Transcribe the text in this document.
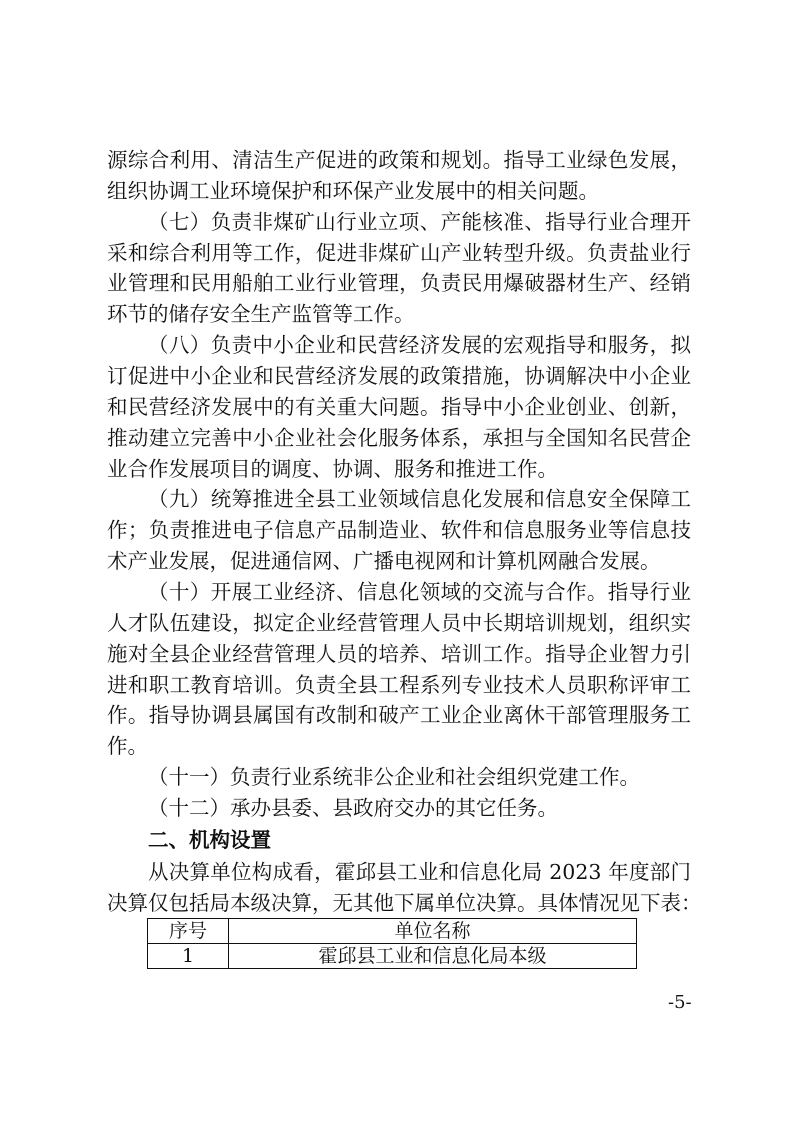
源综合利用、清洁生产促进的政策和规划。指导工业绿色发展，
组织协调工业环境保护和环保产业发展中的相关问题。
（七）负责非煤矿山行业立项、产能核准、指导行业合理开
采和综合利用等工作，促进非煤矿山产业转型升级。负责盐业行
业管理和民用船舶工业行业管理，负责民用爆破器材生产、经销
环节的储存安全生产监管等工作。
（八）负责中小企业和民营经济发展的宏观指导和服务，拟
订促进中小企业和民营经济发展的政策措施，协调解决中小企业
和民营经济发展中的有关重大问题。指导中小企业创业、创新，
推动建立完善中小企业社会化服务体系，承担与全国知名民营企
业合作发展项目的调度、协调、服务和推进工作。
（九）统筹推进全县工业领域信息化发展和信息安全保障工
作；负责推进电子信息产品制造业、软件和信息服务业等信息技
术产业发展，促进通信网、广播电视网和计算机网融合发展。
（十）开展工业经济、信息化领域的交流与合作。指导行业
人才队伍建设，拟定企业经营管理人员中长期培训规划，组织实
施对全县企业经营管理人员的培养、培训工作。指导企业智力引
进和职工教育培训。负责全县工程系列专业技术人员职称评审工
作。指导协调县属国有改制和破产工业企业离休干部管理服务工
作。
（十一）负责行业系统非公企业和社会组织党建工作。
（十二）承办县委、县政府交办的其它任务。
二、机构设置
从决算单位构成看，霍邱县工业和信息化局 2023 年度部门
决算仅包括局本级决算，无其他下属单位决算。具体情况见下表：
序号	单位名称
1	霍邱县工业和信息化局本级
-5-
